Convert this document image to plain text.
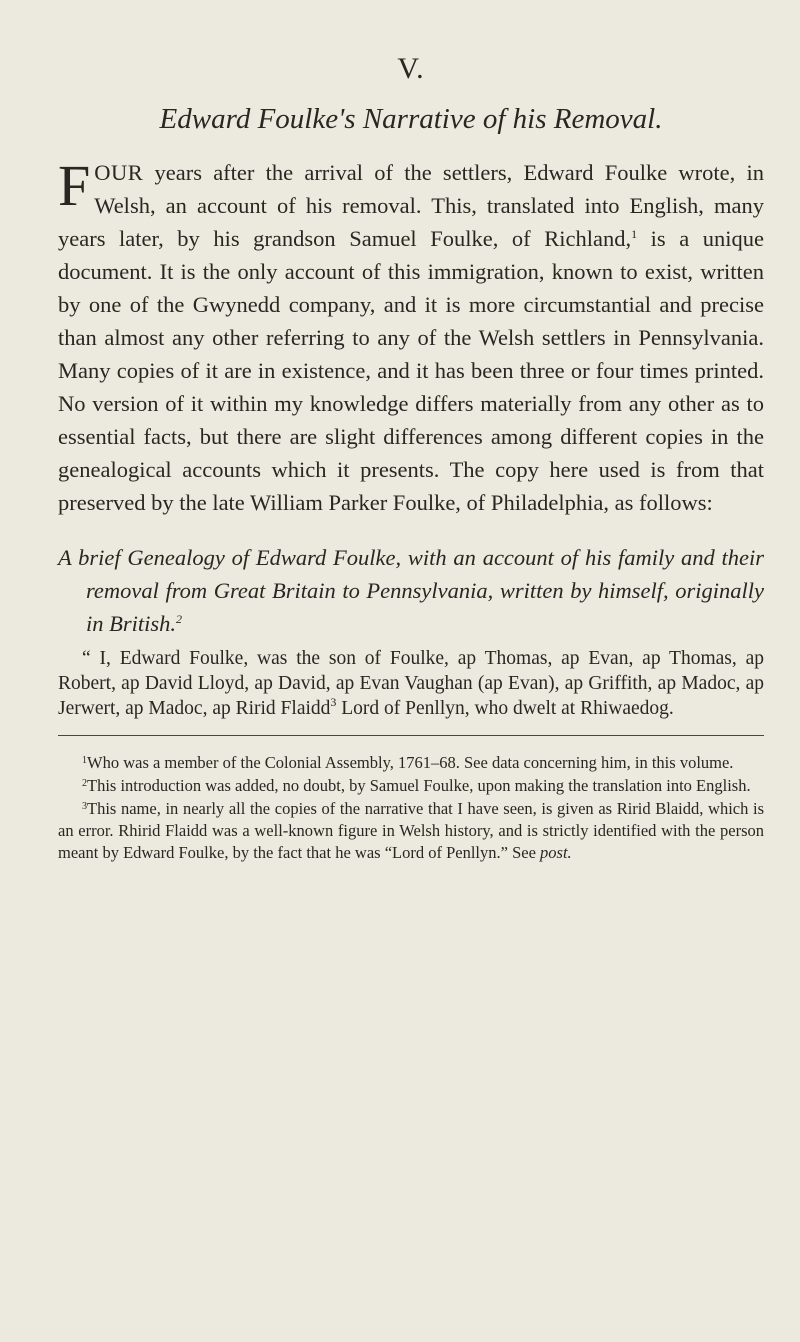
V.
Edward Foulke's Narrative of his Removal.

FOUR years after the arrival of the settlers, Edward Foulke wrote, in Welsh, an account of his removal. This, translated into English, many years later, by his grandson Samuel Foulke, of Richland,$^1$ is a unique document. It is the only account of this immigration, known to exist, written by one of the Gwynedd company, and it is more circumstantial and precise than almost any other referring to any of the Welsh settlers in Pennsylvania. Many copies of it are in existence, and it has been three or four times printed. No version of it within my knowledge differs materially from any other as to essential facts, but there are slight differences among different copies in the genealogical accounts which it presents. The copy here used is from that preserved by the late William Parker Foulke, of Philadelphia, as follows:

A brief Genealogy of Edward Foulke, with an account of his family and their removal from Great Britain to Pennsylvania, written by himself, originally in British.$^2$

“ I, Edward Foulke, was the son of Foulke, ap Thomas, ap Evan, ap Thomas, ap Robert, ap David Lloyd, ap David, ap Evan Vaughan (ap Evan), ap Griffith, ap Madoc, ap Jerwert, ap Madoc, ap Ririd Flaidd$^3$ Lord of Penllyn, who dwelt at Rhiwaedog.

$^1$Who was a member of the Colonial Assembly, 1761–68. See data concerning him, in this volume.

$^2$This introduction was added, no doubt, by Samuel Foulke, upon making the translation into English.

$^3$This name, in nearly all the copies of the narrative that I have seen, is given as Ririd Blaidd, which is an error. Rhirid Flaidd was a well-known figure in Welsh history, and is strictly identified with the person meant by Edward Foulke, by the fact that he was “Lord of Penllyn.” See post.
